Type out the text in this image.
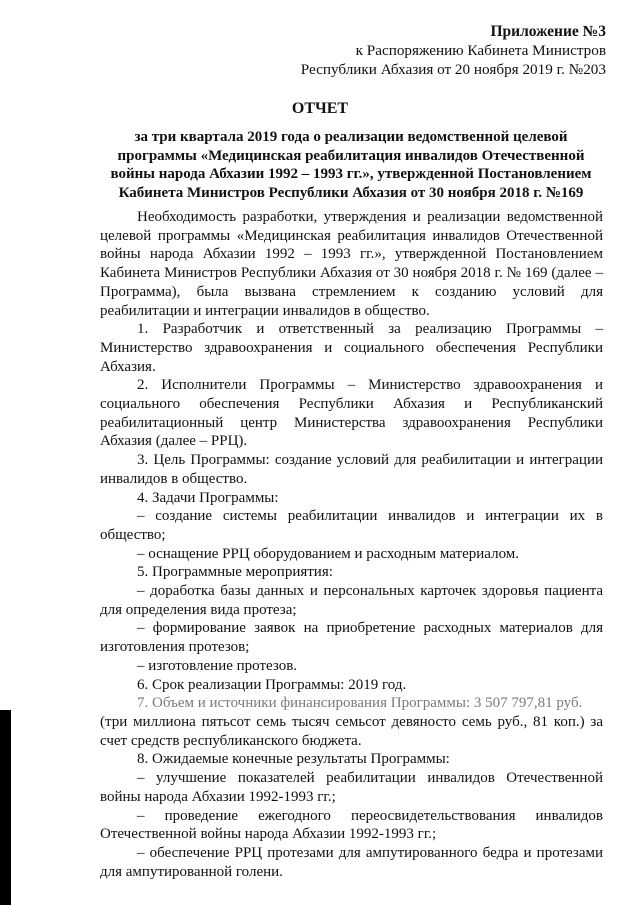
Приложение №3
к Распоряжению Кабинета Министров
Республики Абхазия от 20 ноября 2019 г. №203
ОТЧЕТ
за три квартала 2019 года о реализации ведомственной целевой программы «Медицинская реабилитация инвалидов Отечественной войны народа Абхазии 1992 – 1993 гг.», утвержденной Постановлением Кабинета Министров Республики Абхазия от 30 ноября 2018 г. №169

Необходимость разработки, утверждения и реализации ведомственной целевой программы «Медицинская реабилитация инвалидов Отечественной войны народа Абхазии 1992 – 1993 гг.», утвержденной Постановлением Кабинета Министров Республики Абхазия от 30 ноября 2018 г. № 169 (далее – Программа), была вызвана стремлением к созданию условий для реабилитации и интеграции инвалидов в общество.

1. Разработчик и ответственный за реализацию Программы – Министерство здравоохранения и социального обеспечения Республики Абхазия.

2. Исполнители Программы – Министерство здравоохранения и социального обеспечения Республики Абхазия и Республиканский реабилитационный центр Министерства здравоохранения Республики Абхазия (далее – РРЦ).

3. Цель Программы: создание условий для реабилитации и интеграции инвалидов в общество.

4. Задачи Программы:

– создание системы реабилитации инвалидов и интеграции их в общество;

– оснащение РРЦ оборудованием и расходным материалом.

5. Программные мероприятия:

– доработка базы данных и персональных карточек здоровья пациента для определения вида протеза;

– формирование заявок на приобретение расходных материалов для изготовления протезов;

– изготовление протезов.

6. Срок реализации Программы: 2019 год.

7. Объем и источники финансирования Программы: 3 507 797,81 руб.

(три миллиона пятьсот семь тысяч семьсот девяносто семь руб., 81 коп.) за счет средств республиканского бюджета.

8. Ожидаемые конечные результаты Программы:

– улучшение показателей реабилитации инвалидов Отечественной войны народа Абхазии 1992-1993 гг.;

– проведение ежегодного переосвидетельствования инвалидов Отечественной войны народа Абхазии 1992-1993 гг.;

– обеспечение РРЦ протезами для ампутированного бедра и протезами для ампутированной голени.
